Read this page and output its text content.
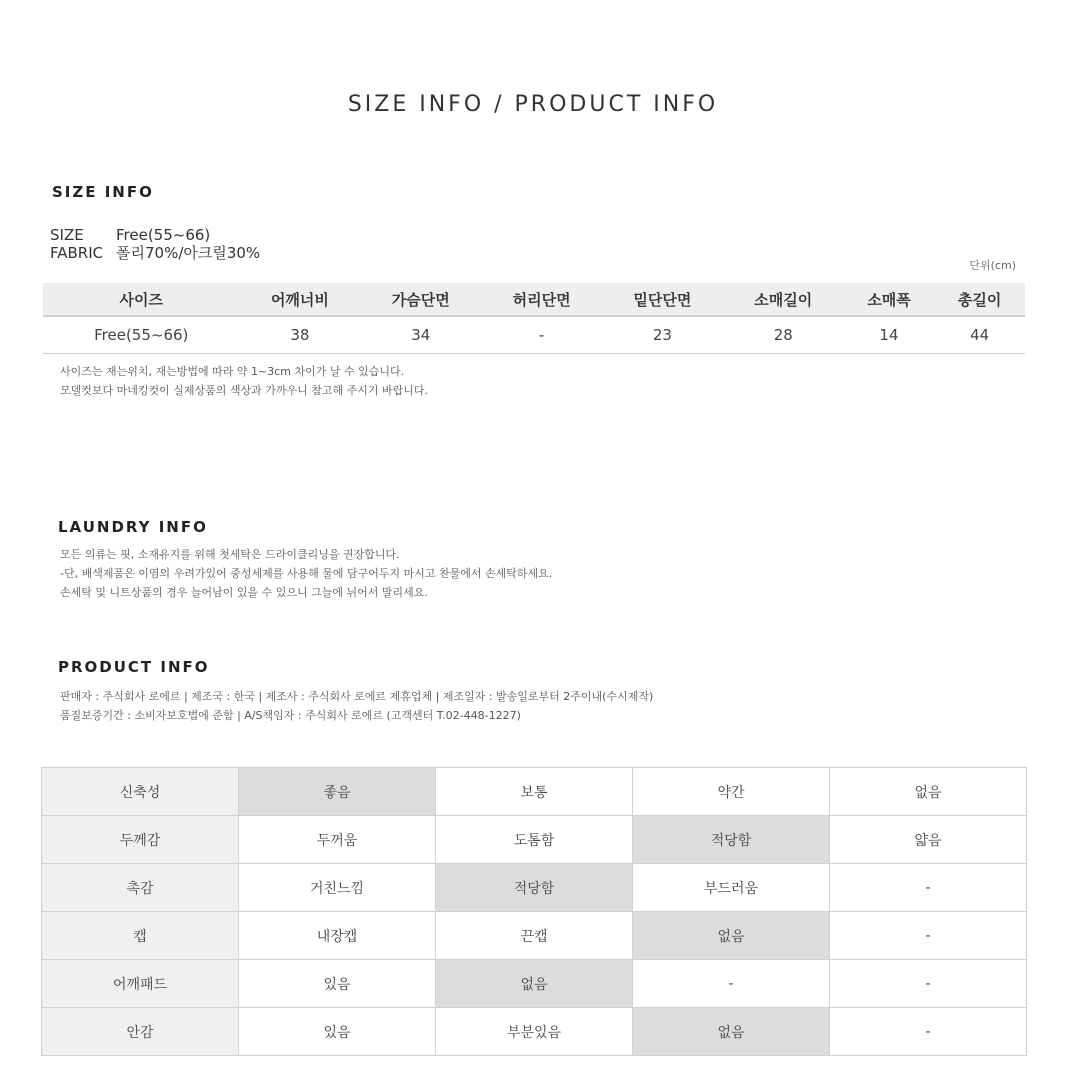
SIZE INFO / PRODUCT INFO
SIZE INFO
SIZE Free(55~66)
FABRIC 폴리70%/아크릴30%
단위(cm)
사이즈	어깨너비	가슴단면	허리단면	밑단단면	소매길이	소매폭	총길이
Free(55~66)	38	34	-	23	28	14	44
사이즈는 재는위치, 재는방법에 따라 약 1~3cm 차이가 날 수 있습니다.
모델컷보다 마네킹컷이 실제상품의 색상과 가까우니 참고해 주시기 바랍니다.
LAUNDRY INFO
모든 의류는 핏, 소재유지를 위해 첫세탁은 드라이클리닝을 권장합니다.
-단, 배색제품은 이염의 우려가있어 중성세제를 사용해 물에 담구어두지 마시고 찬물에서 손세탁하세요.
손세탁 및 니트상품의 경우 늘어남이 있을 수 있으니 그늘에 뉘어서 말리세요.
PRODUCT INFO
판매자 : 주식회사 로에르 | 제조국 : 한국 | 제조사 : 주식회사 로에르 제휴업체 | 제조일자 : 발송일로부터 2주이내(수시제작)
품질보증기간 : 소비자보호법에 준함 | A/S책임자 : 주식회사 로에르 (고객센터 T.02-448-1227)
신축성	좋음	보통	약간	없음
두께감	두꺼움	도톰함	적당함	얇음
촉감	거친느낌	적당함	부드러움	-
캡	내장캡	끈캡	없음	-
어깨패드	있음	없음	-	-
안감	있음	부분있음	없음	-
